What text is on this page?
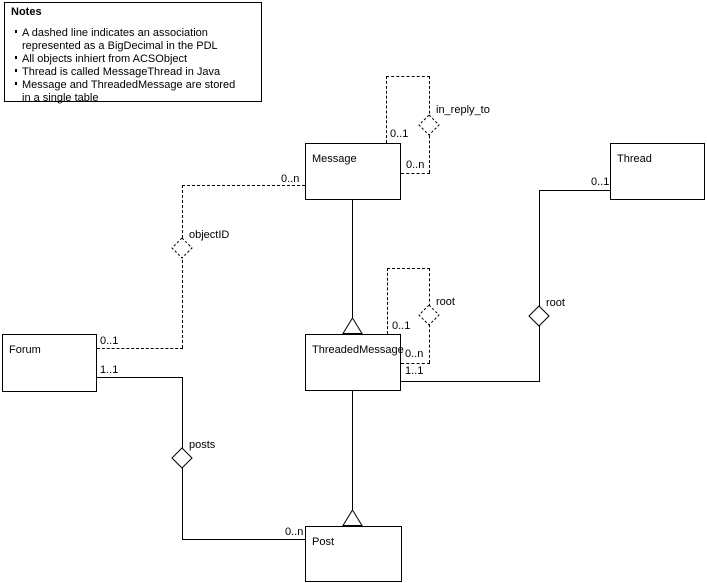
Notes
A dashed line indicates an association represented as a BigDecimal in the PDL
All objects inhiert from ACSObject
Thread is called MessageThread in Java
Message and ThreadedMessage are stored in a single table
Message	Thread
Forum	ThreadedMessage
Post
in_reply_to
0..1
0..n
0..n
objectID
0..1
root
0..1
0..n
0..1
root
1..1
1..1
posts
0..n
